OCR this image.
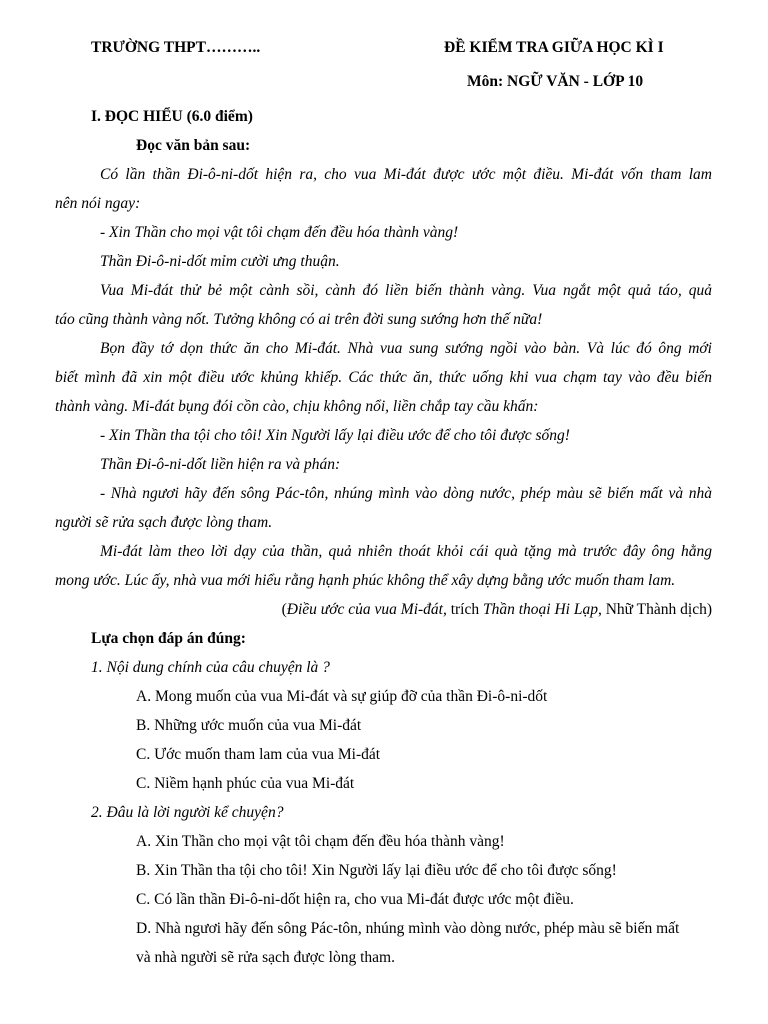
TRƯỜNG THPT………..	ĐỀ KIỂM TRA GIỮA HỌC KÌ I
Môn: NGỮ VĂN - LỚP 10
I. ĐỌC HIỂU (6.0 điểm)
Đọc văn bản sau:
Có lần thần Đi-ô-ni-dốt hiện ra, cho vua Mi-đát được ước một điều. Mi-đát vốn tham lam
nên nói ngay:
- Xin Thần cho mọi vật tôi chạm đến đều hóa thành vàng!
Thần Đi-ô-ni-dốt mỉm cười ưng thuận.
Vua Mi-đát thử bẻ một cành sồi, cành đó liền biến thành vàng. Vua ngắt một quả táo, quả
táo cũng thành vàng nốt. Tưởng không có ai trên đời sung sướng hơn thế nữa!
Bọn đầy tớ dọn thức ăn cho Mi-đát. Nhà vua sung sướng ngồi vào bàn. Và lúc đó ông mới
biết mình đã xin một điều ước khủng khiếp. Các thức ăn, thức uống khi vua chạm tay vào đều biến
thành vàng. Mi-đát bụng đói cồn cào, chịu không nổi, liền chắp tay cầu khấn:
- Xin Thần tha tội cho tôi! Xin Người lấy lại điều ước để cho tôi được sống!
Thần Đi-ô-ni-dốt liền hiện ra và phán:
- Nhà ngươi hãy đến sông Pác-tôn, nhúng mình vào dòng nước, phép màu sẽ biến mất và nhà
người sẽ rửa sạch được lòng tham.
Mi-đát làm theo lời dạy của thần, quả nhiên thoát khỏi cái quà tặng mà trước đây ông hằng
mong ước. Lúc ấy, nhà vua mới hiểu rằng hạnh phúc không thể xây dựng bằng ước muốn tham lam.
(Điều ước của vua Mi-đát, trích Thần thoại Hi Lạp, Nhữ Thành dịch)
Lựa chọn đáp án đúng:
1. Nội dung chính của câu chuyện là ?
A. Mong muốn của vua Mi-đát và sự giúp đỡ của thần Đi-ô-ni-dốt
B. Những ước muốn của vua Mi-đát
C. Ước muốn tham lam của vua Mi-đát
C. Niềm hạnh phúc của vua Mi-đát
2. Đâu là lời người kể chuyện?
A. Xin Thần cho mọi vật tôi chạm đến đều hóa thành vàng!
B. Xin Thần tha tội cho tôi! Xin Người lấy lại điều ước để cho tôi được sống!
C. Có lần thần Đi-ô-ni-dốt hiện ra, cho vua Mi-đát được ước một điều.
D. Nhà ngươi hãy đến sông Pác-tôn, nhúng mình vào dòng nước, phép màu sẽ biến mất
và nhà người sẽ rửa sạch được lòng tham.
